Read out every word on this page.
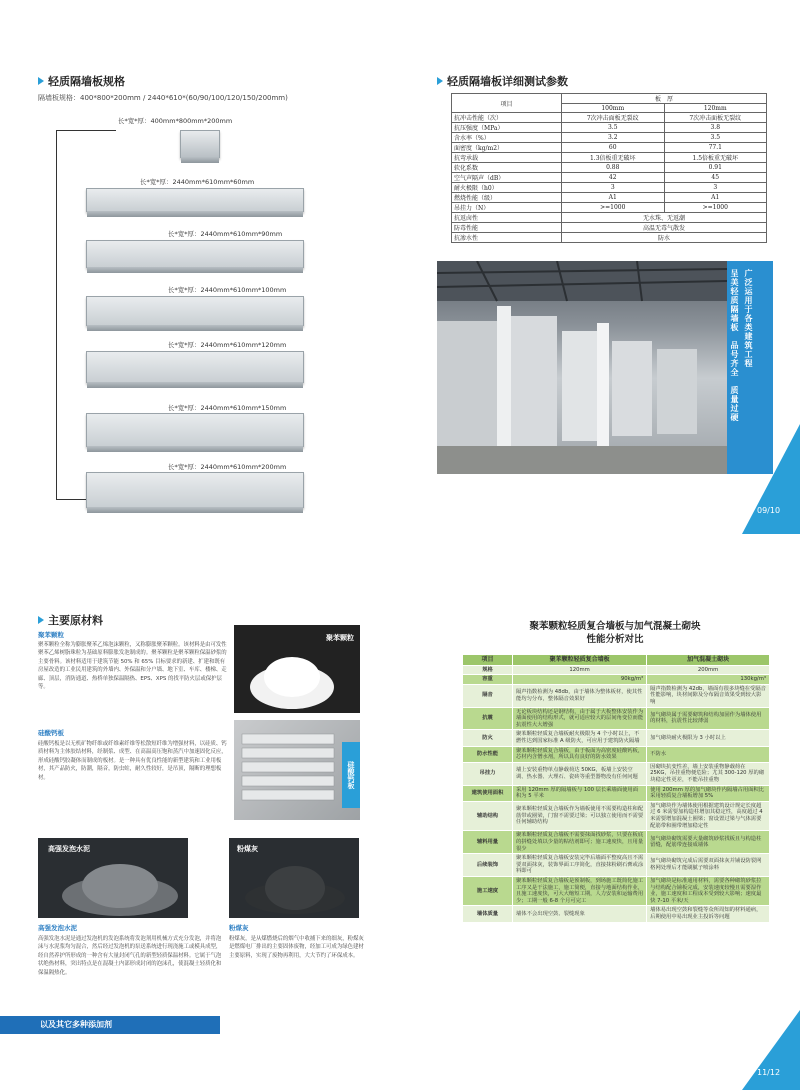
轻质隔墙板规格
隔墙板规格：400*800*200mm / 2440*610*(60/90/100/120/150/200mm)
长*宽*厚：400mm*800mm*200mm
长*宽*厚：2440mm*610mm*60mm
长*宽*厚：2440mm*610mm*90mm
长*宽*厚：2440mm*610mm*100mm
长*宽*厚：2440mm*610mm*120mm
长*宽*厚：2440mm*610mm*150mm
长*宽*厚：2440mm*610mm*200mm
轻质隔墙板详细测试参数
项目	板　厚	
	100mm	120mm
抗冲击性能（次）	7次冲击面板无裂纹	7次冲击面板无裂纹
抗压强度（MPa）	3.5	3.8
含水率（%）	3.2	3.5
面密度（kg/m2）	60	77.1
抗弯承载	1.3倍板重无破坏	1.5倍板重无破坏
软化系数	0.88	0.91
空气声隔声（dB）	42	45
耐火极限（h0）	3	3
燃烧性能（级）	A1	A1
吊挂力（N）	>=1000	>=1000
抗返卤性	无水珠、无返潮	
防毒性能	高温无毒气散发	
抗渗水性	防水	
广泛运用于各类建筑工程
呈美轻质隔墙板　品号齐全　质量过硬
09/10
主要原材料
聚苯颗粒
聚苯颗粒全称为膨胀聚苯乙烯泡沫颗粒，又称膨胀聚苯颗粒。该材料是由可发性聚苯乙烯树脂珠粒为基础原料膨胀发泡制成的。聚苯颗粒是聚苯颗粒保温砂浆的主要骨料。该材料适用于建筑节能 50% 和 65% 目标要求的新建、扩建和既有房屋改造的工业民用建筑的外墙内、外保温和分户墙、地下室、车库、楼梯、走廊、顶层，消防通道、热桥单独保温隔热、EPS、XPS 的找平防火层或保护层等。
聚苯颗粒
硅酸钙板
硅酸钙板是以无机矿物纤维或纤维素纤维等松散短纤维为增强材料，以硅质、钙质材料为主体胶结材料，经制浆、成型、在高温高压饱和蒸汽中加速固化反应，形成硅酸钙胶凝体而制成的板材。是一种具有优良性能的新型建筑和工业用板材，其产品防火，防潮，隔音，防虫蛀，耐久性较好，是吊顶，隔断的理想板材。	硅酸钙板
高强发泡水泥	粉煤灰
高强发泡水泥
高强发泡水泥是通过发泡机的发泡系统将发泡剂用机械方式充分发泡，并将泡沫与水泥浆均匀混合，然后经过发泡机的泵送系统进行现浇施工或模具成型，经自然养护所形成的一种含有大量封闭气孔的新型轻质保温材料。它属于气泡状绝热材料，突出特点是在混凝土内部形成封闭的泡沫孔，使混凝土轻质化和保温隔热化。
粉煤灰
粉煤灰，是从煤燃烧后的烟气中收捕下来的细灰，粉煤灰是燃煤电厂排出的主要固体废物，经加工可成为绿色建材主要原料，实现了废物再利用，大大节约了环保成本。
以及其它多种添加剂
聚苯颗粒轻质复合墙板与加气混凝土砌块
性能分析对比
项目	聚苯颗粒轻质复合墙板	加气混凝土砌块
规格	120mm	200mm
容重	90kg/m³	130kg/m³
隔音	隔声指数检测为 48db，由于墙体为整体板材，使其性能均匀分布，整体隔音效果好	隔声指数检测为 42db，墙面有很多块缝在受隔音性能影响，块材间隙及分布隔音效果受到较大影响
抗震	无论板块结构还是钢结构，由于属于大板整体安装作为墙面使用的结构形式，就可适应较大的层间角变位而能抗震性大大增强	加气砌块属于需要砌筑和结构加固作为墙体使用的材料，抗震性比较薄弱
防火	聚苯颗粒轻质复合墙板耐火极限为 4 个小时以上，不燃性达到国家标准 A 级防火，可应用于建筑防火隔墙	加气砌块耐火极限为 3 小时以上
防水性能	聚苯颗粒轻质复合墙板，由于板面为高密度硅酸钙板，芯材内含憎水剂，所以具有良好的防水效果	不防水
吊挂力	墙上安装重物单点静载荷达 50KG，板墙上安装空调、热水器、大理石、瓷砖等重型器物没有任何问题	因砌块抗变性差，墙上安装重物静载荷在 25KG，吊挂重物便危险；尤其 300-120 厚的砌块稳定性更差，不能吊挂重物
建筑使用面积	采用 120mm 厚的隔墙板与 100 层长乘墙面使用面积为 5 平米	使用 200mm 厚的加气砌块作内隔墙占用面积比采用轻质复合墙板增加 5%
辅助结构	聚苯颗粒轻质复合墙板作为墙板使用不需要构造柱和配筋带或圈梁，门窗不需要过梁；可以独立使用而不需要任何辅助结构	加气砌块作为墙体使用根据建筑设计规定长度超过 6 米需要加构造柱增加其稳定性，高度超过 4 米需要增加混凝土圈梁；窗设置过梁与气体需要配筋带和圈带增加稳定性
辅料用量	聚苯颗粒轻质复合墙板不需要抹面找砂浆，只要在板底的拼缝处填以少量的粘结剂即可；施工速度快，且用量很少	加气砌块砌筑需要大量砌筑砂浆找板且与构造柱留缝，配筋带连接成墙体
后续装饰	聚苯颗粒轻质复合墙板安装完毕后墙面平整度高且不需要双面抹灰，装饰界面工序简化，直接抹粉刷石膏或涂料即可	加气砌块砌筑完成后需要双面抹灰并铺设防裂网格网处理后才能刷腻子喷涂料
施工速度	聚苯颗粒轻质复合墙板是预制板，到场施工既简化施工工序又是干法施工，施工简便，直接与地面结构作业，且施工速度快，可大大缩短工期，人力安装和运输费用少；工期一般 6-8 个月可完工	加气砌块是标准通用材料，需要各种砌筑砂浆拉与结构配合铺板完成，安装速度较慢且需要湿作业，施工速度和工程成本受到较大影响；速度最快 7-10 平米/天
墙体质量	墙体不会出现空鼓、裂缝现象	墙体易出现空鼓和裂缝等众所周知的材料通病，后期使用中易出现业主投诉等问题
11/12
